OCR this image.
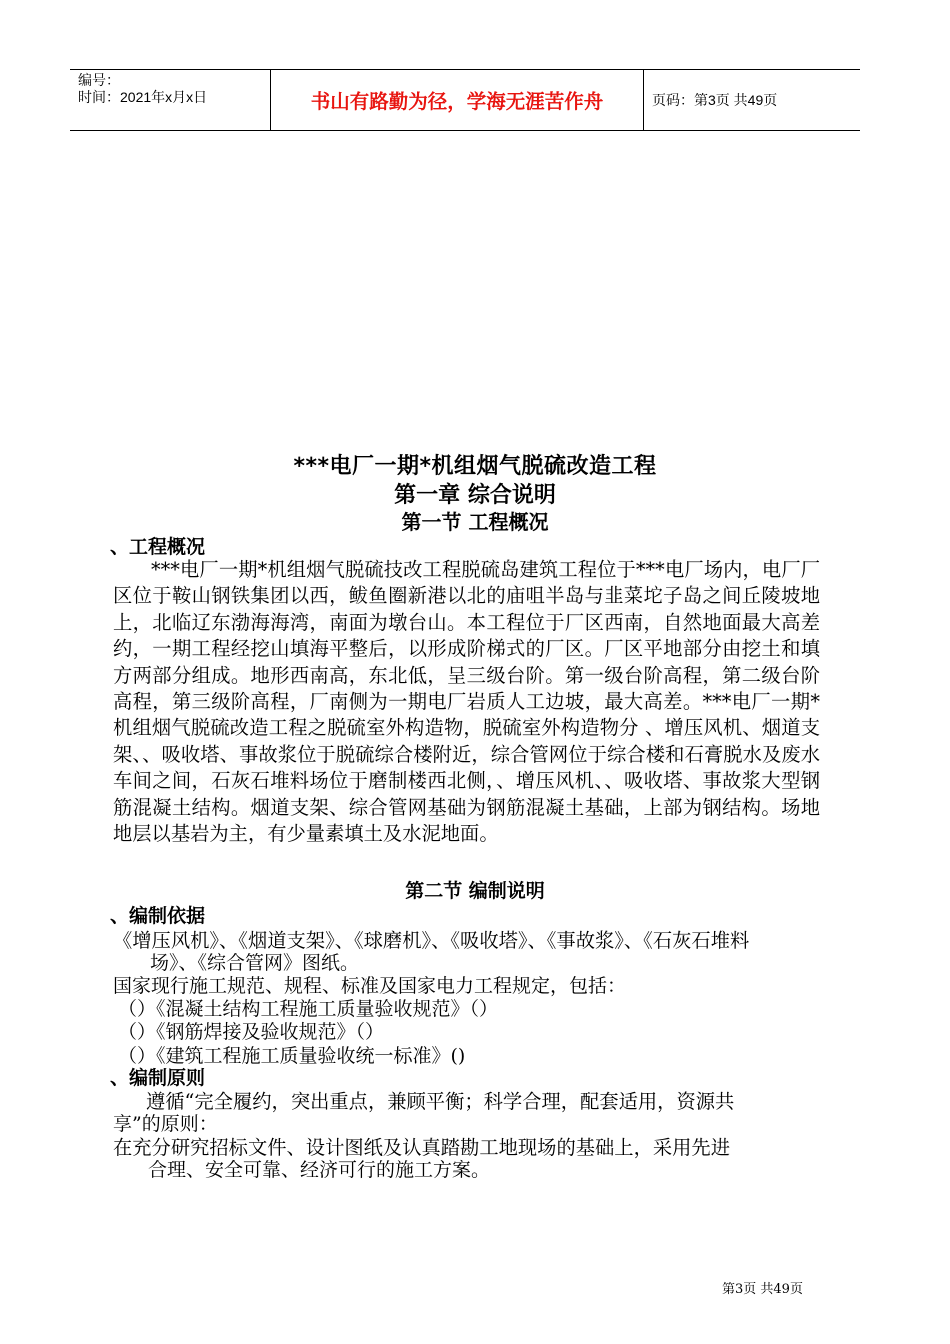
编号：
时间：2021年x月x日	书山有路勤为径，学海无涯苦作舟	页码：第3页 共49页
***电厂一期*机组烟气脱硫改造工程
第一章 综合说明
第一节 工程概况
、工程概况

***电厂一期*机组烟气脱硫技改工程脱硫岛建筑工程位于***电厂场内，电厂厂区位于鞍山钢铁集团以西，鲅鱼圈新港以北的庙咀半岛与韭菜坨子岛之间丘陵坡地上，北临辽东渤海海湾，南面为墩台山。本工程位于厂区西南，自然地面最大高差约，一期工程经挖山填海平整后，以形成阶梯式的厂区。厂区平地部分由挖土和填方两部分组成。地形西南高，东北低，呈三级台阶。第一级台阶高程，第二级台阶高程，第三级阶高程，厂南侧为一期电厂岩质人工边坡，最大高差。***电厂一期*机组烟气脱硫改造工程之脱硫室外构造物，脱硫室外构造物分 、增压风机、烟道支架、、吸收塔、事故浆位于脱硫综合楼附近，综合管网位于综合楼和石膏脱水及废水车间之间，石灰石堆料场位于磨制楼西北侧，、增压风机、、吸收塔、事故浆大型钢筋混凝土结构。烟道支架、综合管网基础为钢筋混凝土基础，上部为钢结构。场地地层以基岩为主，有少量素填土及水泥地面。

第二节 编制说明
、编制依据
《增压风机》、《烟道支架》、《球磨机》、《吸收塔》、《事故浆》、《石灰石堆料
场》、《综合管网》图纸。
国家现行施工规范、规程、标准及国家电力工程规定，包括：
（）《混凝土结构工程施工质量验收规范》（）
（）《钢筋焊接及验收规范》（）
（）《建筑工程施工质量验收统一标准》()
、编制原则
遵循“完全履约，突出重点，兼顾平衡；科学合理，配套适用，资源共
享”的原则：
在充分研究招标文件、设计图纸及认真踏勘工地现场的基础上，采用先进
合理、安全可靠、经济可行的施工方案。
第3页 共49页
